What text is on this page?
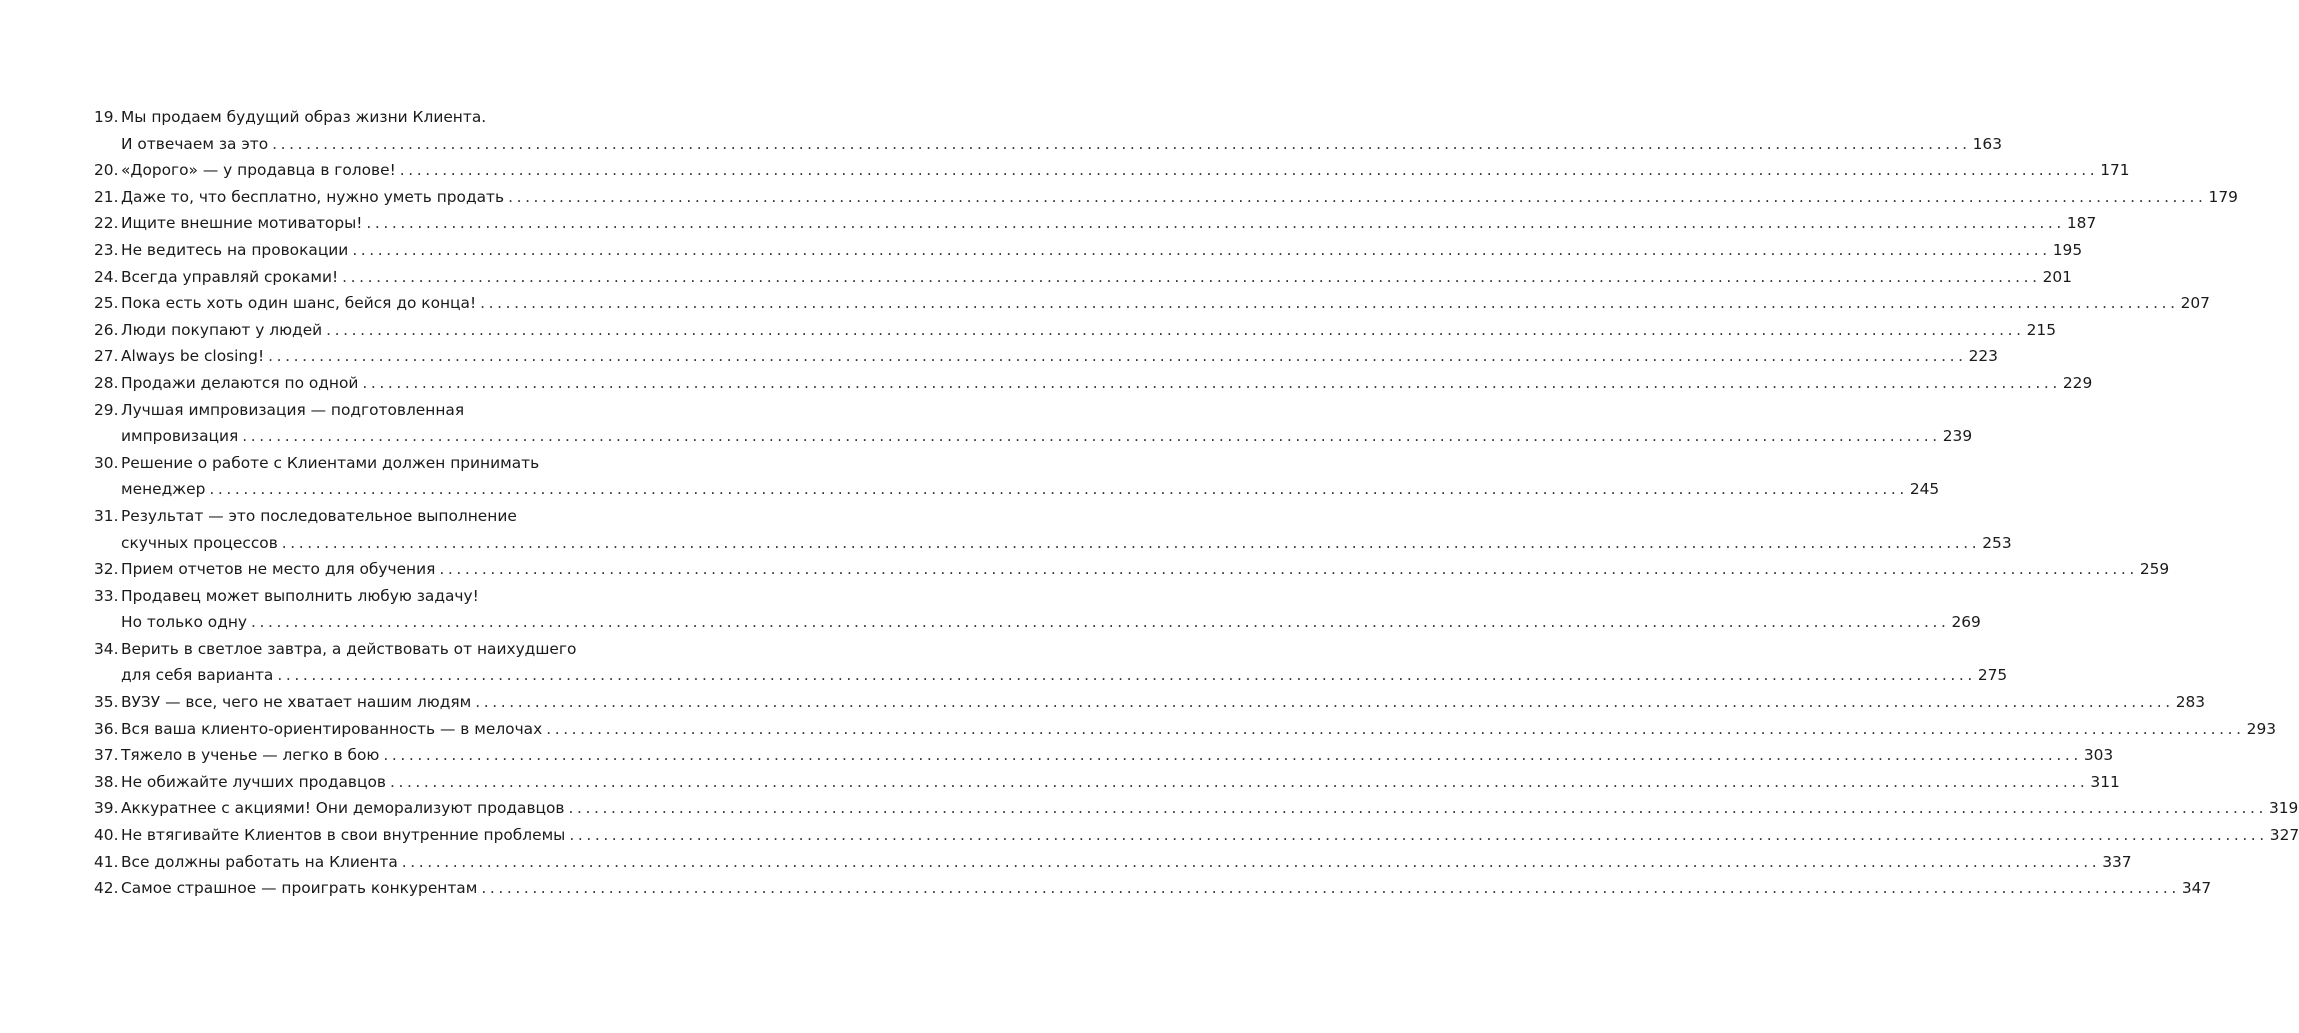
19. Мы продаем будущий образ жизни Клиента.
И отвечаем за это ........................................................................................................................................................................................................ 163
20. «Дорого» — у продавца в голове! ........................................................................................................................................................................................................ 171
21. Даже то, что бесплатно, нужно уметь продать ........................................................................................................................................................................................................ 179
22. Ищите внешние мотиваторы! ........................................................................................................................................................................................................ 187
23. Не ведитесь на провокации ........................................................................................................................................................................................................ 195
24. Всегда управляй сроками! ........................................................................................................................................................................................................ 201
25. Пока есть хоть один шанс, бейся до конца! ........................................................................................................................................................................................................ 207
26. Люди покупают у людей ........................................................................................................................................................................................................ 215
27. Always be closing! ........................................................................................................................................................................................................ 223
28. Продажи делаются по одной ........................................................................................................................................................................................................ 229
29. Лучшая импровизация — подготовленная
импровизация ........................................................................................................................................................................................................ 239
30. Решение о работе с Клиентами должен принимать
менеджер ........................................................................................................................................................................................................ 245
31. Результат — это последовательное выполнение
скучных процессов ........................................................................................................................................................................................................ 253
32. Прием отчетов не место для обучения ........................................................................................................................................................................................................ 259
33. Продавец может выполнить любую задачу!
Но только одну ........................................................................................................................................................................................................ 269
34. Верить в светлое завтра, а действовать от наихудшего
для себя варианта ........................................................................................................................................................................................................ 275
35. ВУЗУ — все, чего не хватает нашим людям ........................................................................................................................................................................................................ 283
36. Вся ваша клиенто-ориентированность — в мелочах ........................................................................................................................................................................................................ 293
37. Тяжело в ученье — легко в бою ........................................................................................................................................................................................................ 303
38. Не обижайте лучших продавцов ........................................................................................................................................................................................................ 311
39. Аккуратнее с акциями! Они деморализуют продавцов ........................................................................................................................................................................................................ 319
40. Не втягивайте Клиентов в свои внутренние проблемы ........................................................................................................................................................................................................ 327
41. Все должны работать на Клиента ........................................................................................................................................................................................................ 337
42. Самое страшное — проиграть конкурентам ........................................................................................................................................................................................................ 347
